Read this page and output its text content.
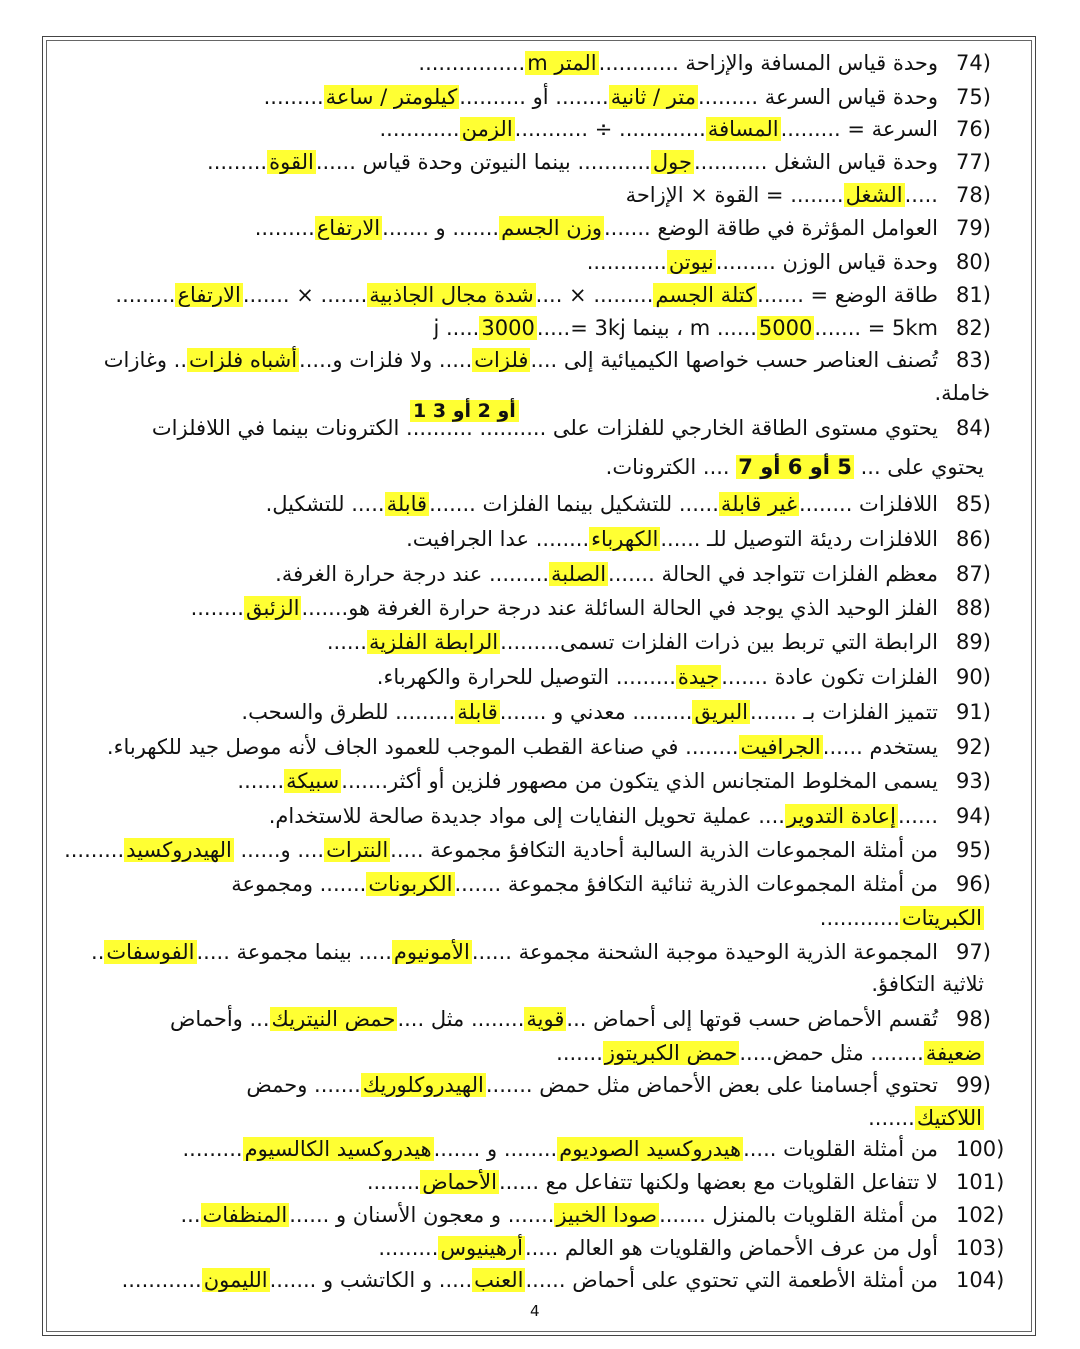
74)وحدة قياس المسافة والإزاحة ............المتر m................
75)وحدة قياس السرعة .........متر / ثانية........ أو ..........كيلومتر / ساعة.........
76)السرعة = .........المسافة............. ÷ ...........الزمن............
77)وحدة قياس الشغل ...........جول........... بينما النيوتن وحدة قياس ......القوة.........
78).....الشغل........ = القوة × الإزاحة
79)العوامل المؤثرة في طاقة الوضع .......وزن الجسم....... و .......الارتفاع.........
80)وحدة قياس الوزن .........نيوتن............
81)طاقة الوضع = .......كتلة الجسم......... × ....شدة مجال الجاذبية....... × .......الارتفاع.........
82)m ......5000....... = 5km ، بينما j .....3000.....= 3kj
83)تُصنف العناصر حسب خواصها الكيميائية إلى ....فلزات..... ولا فلزات و.....أشباه فلزات.. وغازات
خاملة.
1 أو 2 أو 3
84)يحتوي مستوى الطاقة الخارجي للفلزات على .......... .......... الكترونات بينما في اللافلزات
يحتوي على ... 5 أو 6 أو 7 .... الكترونات.
85)اللافلزات ........غير قابلة...... للتشكيل بينما الفلزات .......قابلة..... للتشكيل.
86)اللافلزات رديئة التوصيل للـ ......الكهرباء........ عدا الجرافيت.
87)معظم الفلزات تتواجد في الحالة .......الصلبة......... عند درجة حرارة الغرفة.
88)الفلز الوحيد الذي يوجد في الحالة السائلة عند درجة حرارة الغرفة هو.......الزئبق........
89)الرابطة التي تربط بين ذرات الفلزات تسمى.........الرابطة الفلزية......
90)الفلزات تكون عادة .......جيدة......... التوصيل للحرارة والكهرباء.
91)تتميز الفلزات بـ .......البريق......... معدني و .......قابلة......... للطرق والسحب.
92)يستخدم ......الجرافيت........ في صناعة القطب الموجب للعمود الجاف لأنه موصل جيد للكهرباء.
93)يسمى المخلوط المتجانس الذي يتكون من مصهور فلزين أو أكثر.......سبيكة.......
94)......إعادة التدوير.... عملية تحويل النفايات إلى مواد جديدة صالحة للاستخدام.
95)من أمثلة المجموعات الذرية السالبة أحادية التكافؤ مجموعة .....النترات.... و...... الهيدروكسيد.........
96)من أمثلة المجموعات الذرية ثنائية التكافؤ مجموعة .......الكربونات....... ومجموعة
الكبريتات............
97)المجموعة الذرية الوحيدة موجبة الشحنة مجموعة ......الأمونيوم..... بينما مجموعة .....الفوسفات..
ثلاثية التكافؤ.
98)تُقسم الأحماض حسب قوتها إلى أحماض ...قوية........ مثل ....حمض النيتريك... وأحماض
ضعيفة........ مثل حمض.....حمض الكبريتوز.......
99)تحتوي أجسامنا على بعض الأحماض مثل حمض .......الهيدروكلوريك....... وحمض
اللاكتيك.......
100)من أمثلة القلويات .....هيدروكسيد الصوديوم........ و .......هيدروكسيد الكالسيوم.........
101)لا تتفاعل القلويات مع بعضها ولكنها تتفاعل مع ......الأحماض........
102)من أمثلة القلويات بالمنزل .......صودا الخبيز....... و معجون الأسنان و ......المنظفات...
103)أول من عرف الأحماض والقلويات هو العالم .....أرهينيوس.........
104)من أمثلة الأطعمة التي تحتوي على أحماض ......العنب..... و الكاتشب و .......الليمون............
4
